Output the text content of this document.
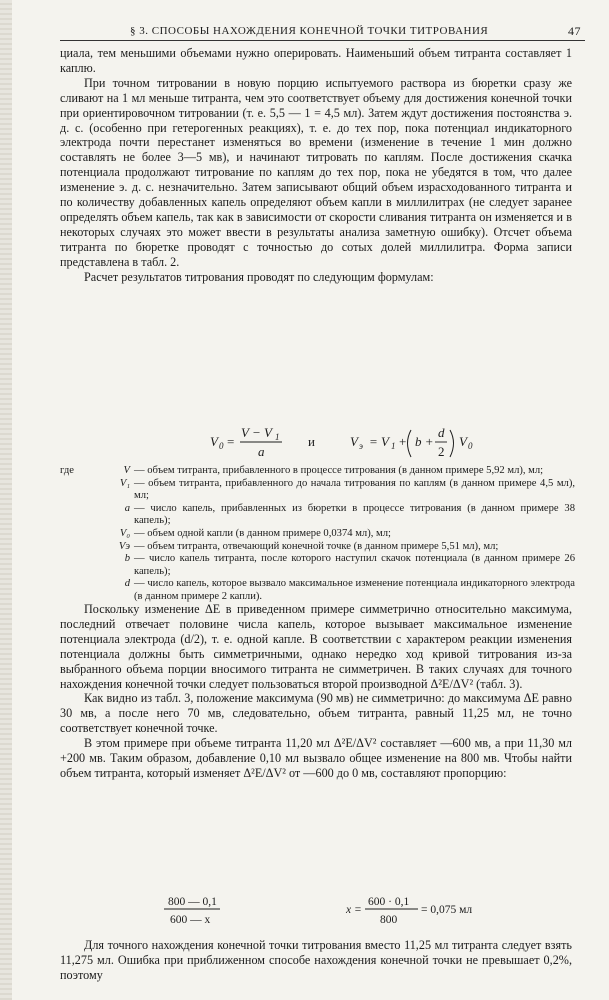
§ 3. СПОСОБЫ НАХОЖДЕНИЯ КОНЕЧНОЙ ТОЧКИ ТИТРОВАНИЯ	47

циала, тем меньшими объемами нужно оперировать. Наименьший объем титранта составляет 1 каплю.

При точном титровании в новую порцию испытуемого раствора из бюретки сразу же сливают на 1 мл меньше титранта, чем это соответствует объему для достижения конечной точки при ориентировочном титровании (т. е. 5,5 — 1 = 4,5 мл). Затем ждут достижения постоянства э. д. с. (особенно при гетерогенных реакциях), т. е. до тех пор, пока потенциал индикаторного электрода почти перестанет изменяться во времени (изменение в течение 1 мин должно составлять не более 3—5 мв), и начинают титровать по каплям. После достижения скачка потенциала продолжают титрование по каплям до тех пор, пока не убедятся в том, что далее изменение э. д. с. незначительно. Затем записывают общий объем израсходованного титранта и по количеству добавленных капель определяют объем капли в миллилитрах (не следует заранее определять объем капель, так как в зависимости от скорости сливания титранта он изменяется и в некоторых случаях это может ввести в результаты анализа заметную ошибку). Отсчет объема титранта по бюретке проводят с точностью до сотых долей миллилитра. Форма записи представлена в табл. 2.

Расчет результатов титрования проводят по следующим формулам:

V 0 =
V − V 1
a
и	V э = V 1 + b +
d
2
V 0
где	V — объем титранта, прибавленного в процессе титрования (в данном примере 5,92 мл), мл;
V₁ — объем титранта, прибавленного до начала титрования по каплям (в данном примере 4,5 мл), мл;
a — число капель, прибавленных из бюретки в процессе титрования (в данном примере 38 капель);
V₀ — объем одной капли (в данном примере 0,0374 мл), мл;
Vэ — объем титранта, отвечающий конечной точке (в данном примере 5,51 мл), мл;
b — число капель титранта, после которого наступил скачок потенциала (в данном примере 26 капель);
d — число капель, которое вызвало максимальное изменение потенциала индикаторного электрода (в данном примере 2 капли).

Поскольку изменение ΔE в приведенном примере симметрично относительно максимума, последний отвечает половине числа капель, которое вызывает максимальное изменение потенциала электрода (d/2), т. е. одной капле. В соответствии с характером реакции изменения потенциала должны быть симметричными, однако нередко ход кривой титрования из-за выбранного объема порции вносимого титранта не симметричен. В таких случаях для точного нахождения конечной точки следует пользоваться второй производной Δ²E/ΔV² (табл. 3).

Как видно из табл. 3, положение максимума (90 мв) не симметрично: до максимума ΔE равно 30 мв, а после него 70 мв, следовательно, объем титранта, равный 11,25 мл, не точно соответствует конечной точке.

В этом примере при объеме титранта 11,20 мл Δ²E/ΔV² составляет —600 мв, а при 11,30 мл +200 мв. Таким образом, добавление 0,10 мл вызвало общее изменение на 800 мв. Чтобы найти объем титранта, который изменяет Δ²E/ΔV² от —600 до 0 мв, составляют пропорцию:

800 — 0,1
600 — x
x =
600 · 0,1
800
= 0,075 мл

Для точного нахождения конечной точки титрования вместо 11,25 мл титранта следует взять 11,275 мл. Ошибка при приближенном способе нахождения конечной точки не превышает 0,2%, поэтому
